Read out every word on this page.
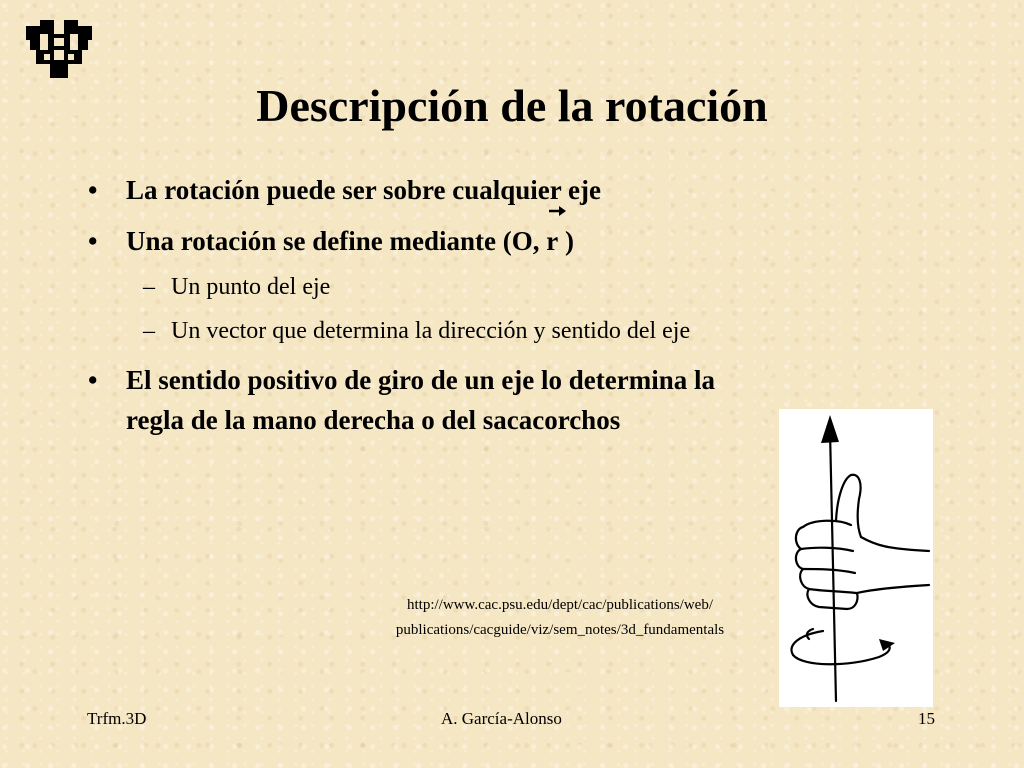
Descripción de la rotación
• La rotación puede ser sobre cualquier eje
• Una rotación se define mediante (O,
r )
– Un punto del eje
– Un vector que determina la dirección y sentido del eje
• El sentido positivo de giro de un eje lo determina la
regla de la mano derecha o del sacacorchos
http://www.cac.psu.edu/dept/cac/publications/web/
publications/cacguide/viz/sem_notes/3d_fundamentals
Trfm.3D	A. García-Alonso	15
